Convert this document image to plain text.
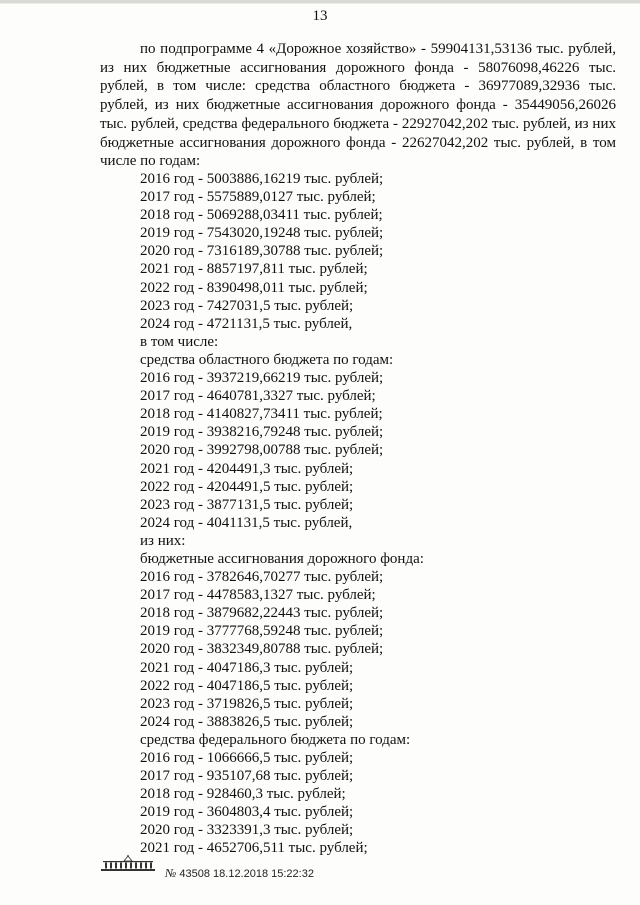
13

по подпрограмме 4 «Дорожное хозяйство» - 59904131,53136 тыс. рублей, из них бюджетные ассигнования дорожного фонда - 58076098,46226 тыс. рублей, в том числе: средства областного бюджета - 36977089,32936 тыс. рублей, из них бюджетные ассигнования дорожного фонда - 35449056,26026 тыс. рублей, средства федерального бюджета - 22927042,202 тыс. рублей, из них бюджетные ассигнования дорожного фонда - 22627042,202 тыс. рублей, в том числе по годам:

2016 год - 5003886,16219 тыс. рублей;
2017 год - 5575889,0127 тыс. рублей;
2018 год - 5069288,03411 тыс. рублей;
2019 год - 7543020,19248 тыс. рублей;
2020 год - 7316189,30788 тыс. рублей;
2021 год - 8857197,811 тыс. рублей;
2022 год - 8390498,011 тыс. рублей;
2023 год - 7427031,5 тыс. рублей;
2024 год - 4721131,5 тыс. рублей,
в том числе:
средства областного бюджета по годам:
2016 год - 3937219,66219 тыс. рублей;
2017 год - 4640781,3327 тыс. рублей;
2018 год - 4140827,73411 тыс. рублей;
2019 год - 3938216,79248 тыс. рублей;
2020 год - 3992798,00788 тыс. рублей;
2021 год - 4204491,3 тыс. рублей;
2022 год - 4204491,5 тыс. рублей;
2023 год - 3877131,5 тыс. рублей;
2024 год - 4041131,5 тыс. рублей,
из них:
бюджетные ассигнования дорожного фонда:
2016 год - 3782646,70277 тыс. рублей;
2017 год - 4478583,1327 тыс. рублей;
2018 год - 3879682,22443 тыс. рублей;
2019 год - 3777768,59248 тыс. рублей;
2020 год - 3832349,80788 тыс. рублей;
2021 год - 4047186,3 тыс. рублей;
2022 год - 4047186,5 тыс. рублей;
2023 год - 3719826,5 тыс. рублей;
2024 год - 3883826,5 тыс. рублей;
средства федерального бюджета по годам:
2016 год - 1066666,5 тыс. рублей;
2017 год - 935107,68 тыс. рублей;
2018 год - 928460,3 тыс. рублей;
2019 год - 3604803,4 тыс. рублей;
2020 год - 3323391,3 тыс. рублей;
2021 год - 4652706,511 тыс. рублей;
№ 43508 18.12.2018 15:22:32
